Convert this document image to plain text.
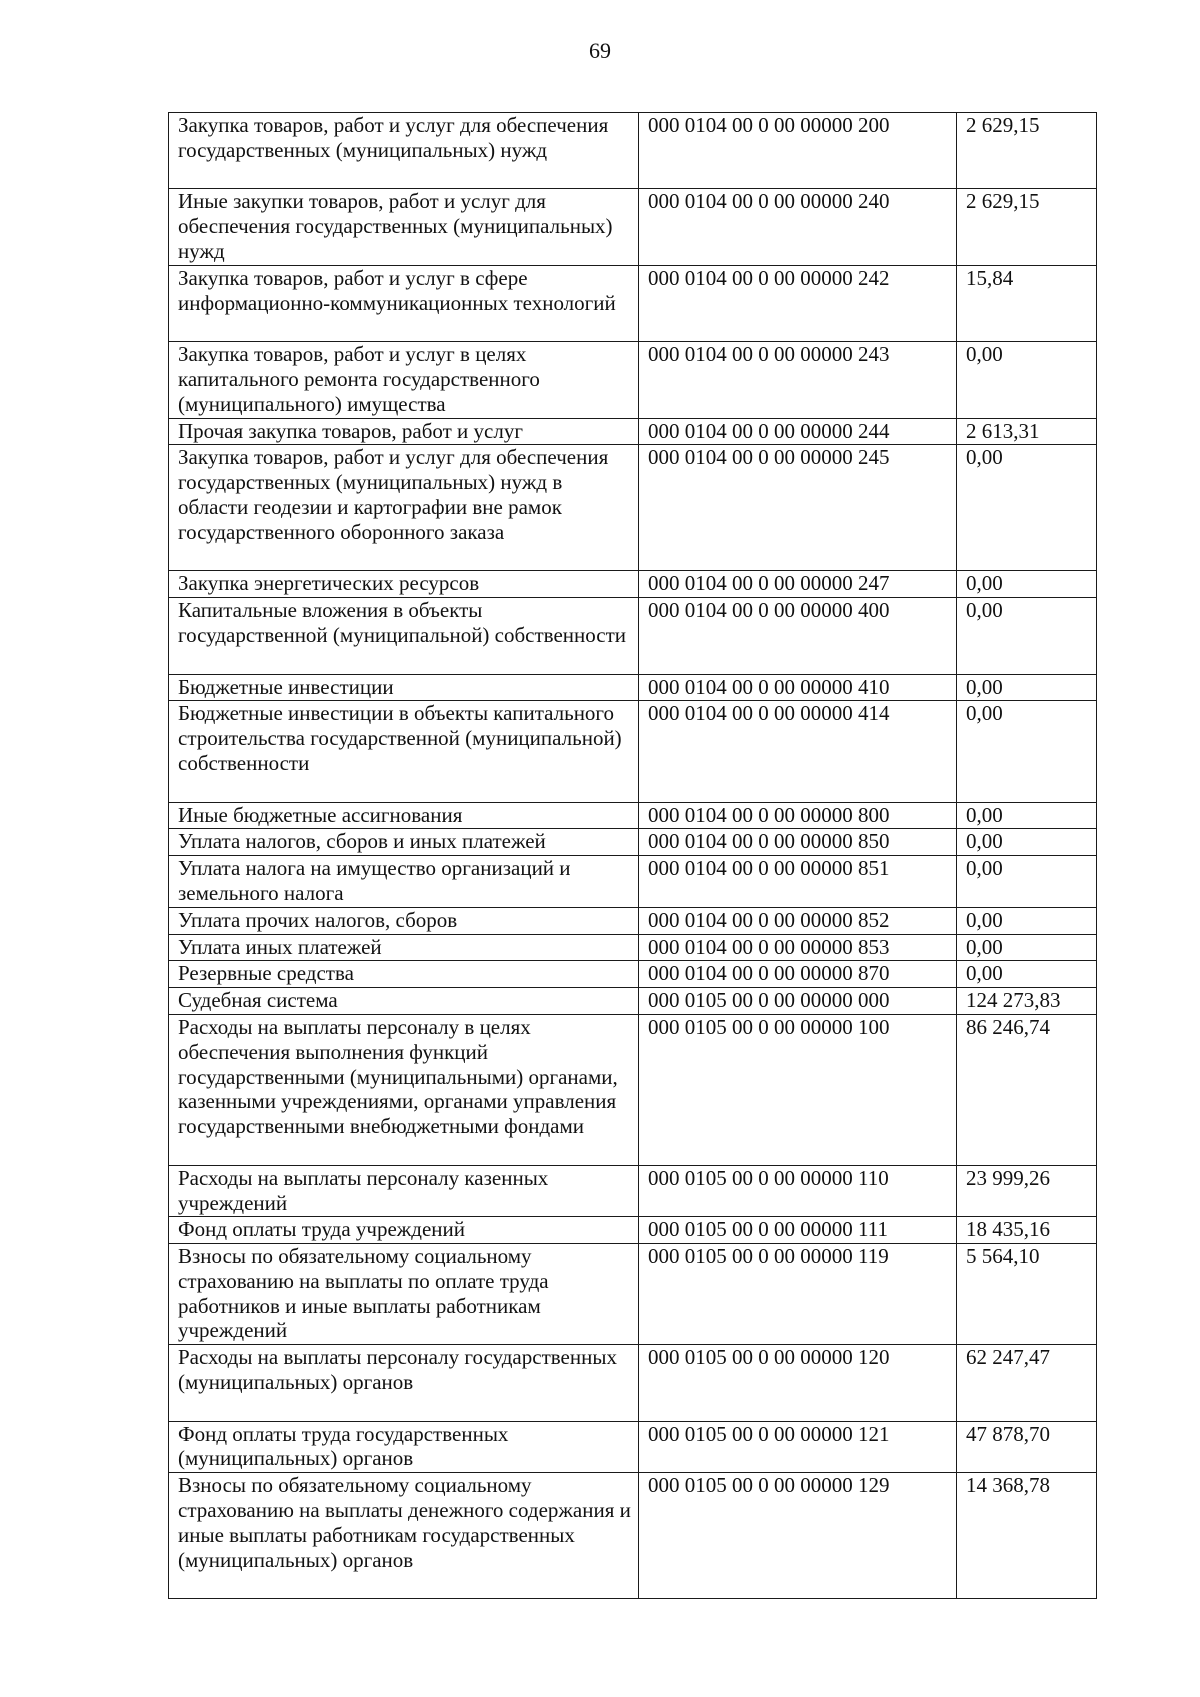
69
Закупка товаров, работ и услуг для обеспечения государственных (муниципальных) нужд	000 0104 00 0 00 00000 200	2 629,15
Иные закупки товаров, работ и услуг для обеспечения государственных (муниципальных) нужд	000 0104 00 0 00 00000 240	2 629,15
Закупка товаров, работ и услуг в сфере информационно-коммуникационных технологий	000 0104 00 0 00 00000 242	15,84
Закупка товаров, работ и услуг в целях капитального ремонта государственного (муниципального) имущества	000 0104 00 0 00 00000 243	0,00
Прочая закупка товаров, работ и услуг	000 0104 00 0 00 00000 244	2 613,31
Закупка товаров, работ и услуг для обеспечения государственных (муниципальных) нужд в области геодезии и картографии вне рамок государственного оборонного заказа	000 0104 00 0 00 00000 245	0,00
Закупка энергетических ресурсов	000 0104 00 0 00 00000 247	0,00
Капитальные вложения в объекты государственной (муниципальной) собственности	000 0104 00 0 00 00000 400	0,00
Бюджетные инвестиции	000 0104 00 0 00 00000 410	0,00
Бюджетные инвестиции в объекты капитального строительства государственной (муниципальной) собственности	000 0104 00 0 00 00000 414	0,00
Иные бюджетные ассигнования	000 0104 00 0 00 00000 800	0,00
Уплата налогов, сборов и иных платежей	000 0104 00 0 00 00000 850	0,00
Уплата налога на имущество организаций и земельного налога	000 0104 00 0 00 00000 851	0,00
Уплата прочих налогов, сборов	000 0104 00 0 00 00000 852	0,00
Уплата иных платежей	000 0104 00 0 00 00000 853	0,00
Резервные средства	000 0104 00 0 00 00000 870	0,00
Судебная система	000 0105 00 0 00 00000 000	124 273,83
Расходы на выплаты персоналу в целях обеспечения выполнения функций государственными (муниципальными) органами, казенными учреждениями, органами управления государственными внебюджетными фондами	000 0105 00 0 00 00000 100	86 246,74
Расходы на выплаты персоналу казенных учреждений	000 0105 00 0 00 00000 110	23 999,26
Фонд оплаты труда учреждений	000 0105 00 0 00 00000 111	18 435,16
Взносы по обязательному социальному страхованию на выплаты по оплате труда работников и иные выплаты работникам учреждений	000 0105 00 0 00 00000 119	5 564,10
Расходы на выплаты персоналу государственных (муниципальных) органов	000 0105 00 0 00 00000 120	62 247,47
Фонд оплаты труда государственных (муниципальных) органов	000 0105 00 0 00 00000 121	47 878,70
Взносы по обязательному социальному страхованию на выплаты денежного содержания и иные выплаты работникам государственных (муниципальных) органов	000 0105 00 0 00 00000 129	14 368,78
